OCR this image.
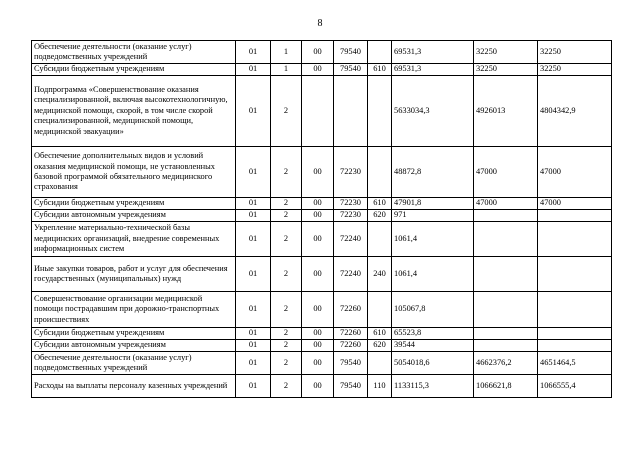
8
Обеспечение деятельности (оказание услуг) подведомственных учреждений	01	1	00	79540		69531,3	32250	32250
Субсидии бюджетным учреждениям	01	1	00	79540	610	69531,3	32250	32250
Подпрограмма «Совершенствование оказания специализированной, включая высокотехнологичную, медицинской помощи, скорой, в том числе скорой специализированной, медицинской помощи, медицинской эвакуации»	01	2				5633034,3	4926013	4804342,9
Обеспечение дополнительных видов и условий оказания медицинской помощи, не установленных базовой программой обязательного медицинского страхования	01	2	00	72230		48872,8	47000	47000
Субсидии бюджетным учреждениям	01	2	00	72230	610	47901,8	47000	47000
Субсидии автономным учреждениям	01	2	00	72230	620	971		
Укрепление материально-технической базы медицинских организаций, внедрение современных информационных систем	01	2	00	72240		1061,4		
Иные закупки товаров, работ и услуг для обеспечения государственных (муниципальных) нужд	01	2	00	72240	240	1061,4		
Совершенствование организации медицинской помощи пострадавшим при дорожно-транспортных происшествиях	01	2	00	72260		105067,8		
Субсидии бюджетным учреждениям	01	2	00	72260	610	65523,8		
Субсидии автономным учреждениям	01	2	00	72260	620	39544		
Обеспечение деятельности (оказание услуг) подведомственных учреждений	01	2	00	79540		5054018,6	4662376,2	4651464,5
Расходы на выплаты персоналу казенных учреждений	01	2	00	79540	110	1133115,3	1066621,8	1066555,4
